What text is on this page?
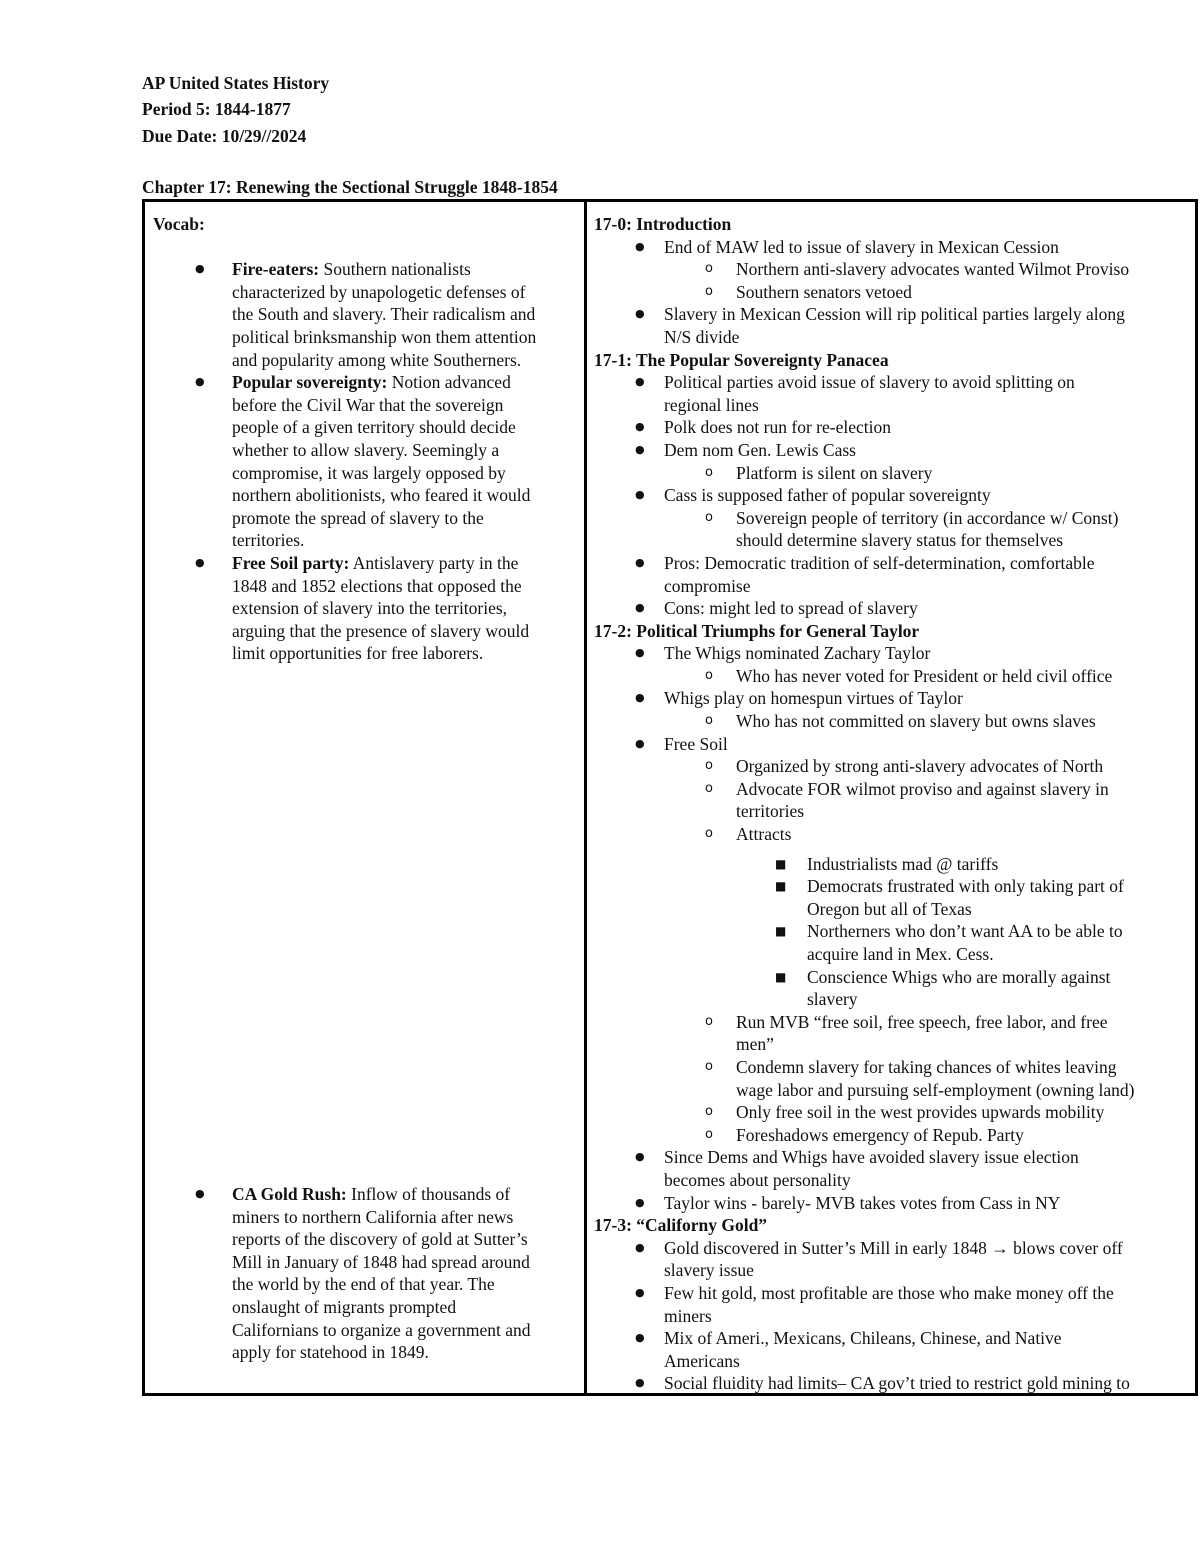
AP United States History
Period 5: 1844-1877
Due Date: 10/29//2024
Chapter 17: Renewing the Sectional Struggle 1848-1854
Vocab:

● Fire-eaters: Southern nationalists
characterized by unapologetic defenses of
the South and slavery. Their radicalism and
political brinksmanship won them attention
and popularity among white Southerners.
● Popular sovereignty: Notion advanced
before the Civil War that the sovereign
people of a given territory should decide
whether to allow slavery. Seemingly a
compromise, it was largely opposed by
northern abolitionists, who feared it would
promote the spread of slavery to the
territories.
● Free Soil party: Antislavery party in the
1848 and 1852 elections that opposed the
extension of slavery into the territories,
arguing that the presence of slavery would
limit opportunities for free laborers.
● CA Gold Rush: Inflow of thousands of
miners to northern California after news
reports of the discovery of gold at Sutter’s
Mill in January of 1848 had spread around
the world by the end of that year. The
onslaught of migrants prompted
Californians to organize a government and
apply for statehood in 1849.
17-0: Introduction
● End of MAW led to issue of slavery in Mexican Cession
o Northern anti-slavery advocates wanted Wilmot Proviso
o Southern senators vetoed
● Slavery in Mexican Cession will rip political parties largely along
N/S divide
17-1: The Popular Sovereignty Panacea
● Political parties avoid issue of slavery to avoid splitting on
regional lines
● Polk does not run for re-election
● Dem nom Gen. Lewis Cass
o Platform is silent on slavery
● Cass is supposed father of popular sovereignty
o Sovereign people of territory (in accordance w/ Const)
should determine slavery status for themselves
● Pros: Democratic tradition of self-determination, comfortable
compromise
● Cons: might led to spread of slavery
17-2: Political Triumphs for General Taylor
● The Whigs nominated Zachary Taylor
o Who has never voted for President or held civil office
● Whigs play on homespun virtues of Taylor
o Who has not committed on slavery but owns slaves
● Free Soil
o Organized by strong anti-slavery advocates of North
o Advocate FOR wilmot proviso and against slavery in
territories
o Attracts
■ Industrialists mad @ tariffs
■ Democrats frustrated with only taking part of
Oregon but all of Texas
■ Northerners who don’t want AA to be able to
acquire land in Mex. Cess.
■ Conscience Whigs who are morally against
slavery
o Run MVB “free soil, free speech, free labor, and free
men”
o Condemn slavery for taking chances of whites leaving
wage labor and pursuing self-employment (owning land)
o Only free soil in the west provides upwards mobility
o Foreshadows emergency of Repub. Party
● Since Dems and Whigs have avoided slavery issue election
becomes about personality
● Taylor wins - barely- MVB takes votes from Cass in NY
17-3: “Californy Gold”
● Gold discovered in Sutter’s Mill in early 1848 → blows cover off
slavery issue
● Few hit gold, most profitable are those who make money off the
miners
● Mix of Ameri., Mexicans, Chileans, Chinese, and Native
Americans
● Social fluidity had limits– CA gov’t tried to restrict gold mining to
